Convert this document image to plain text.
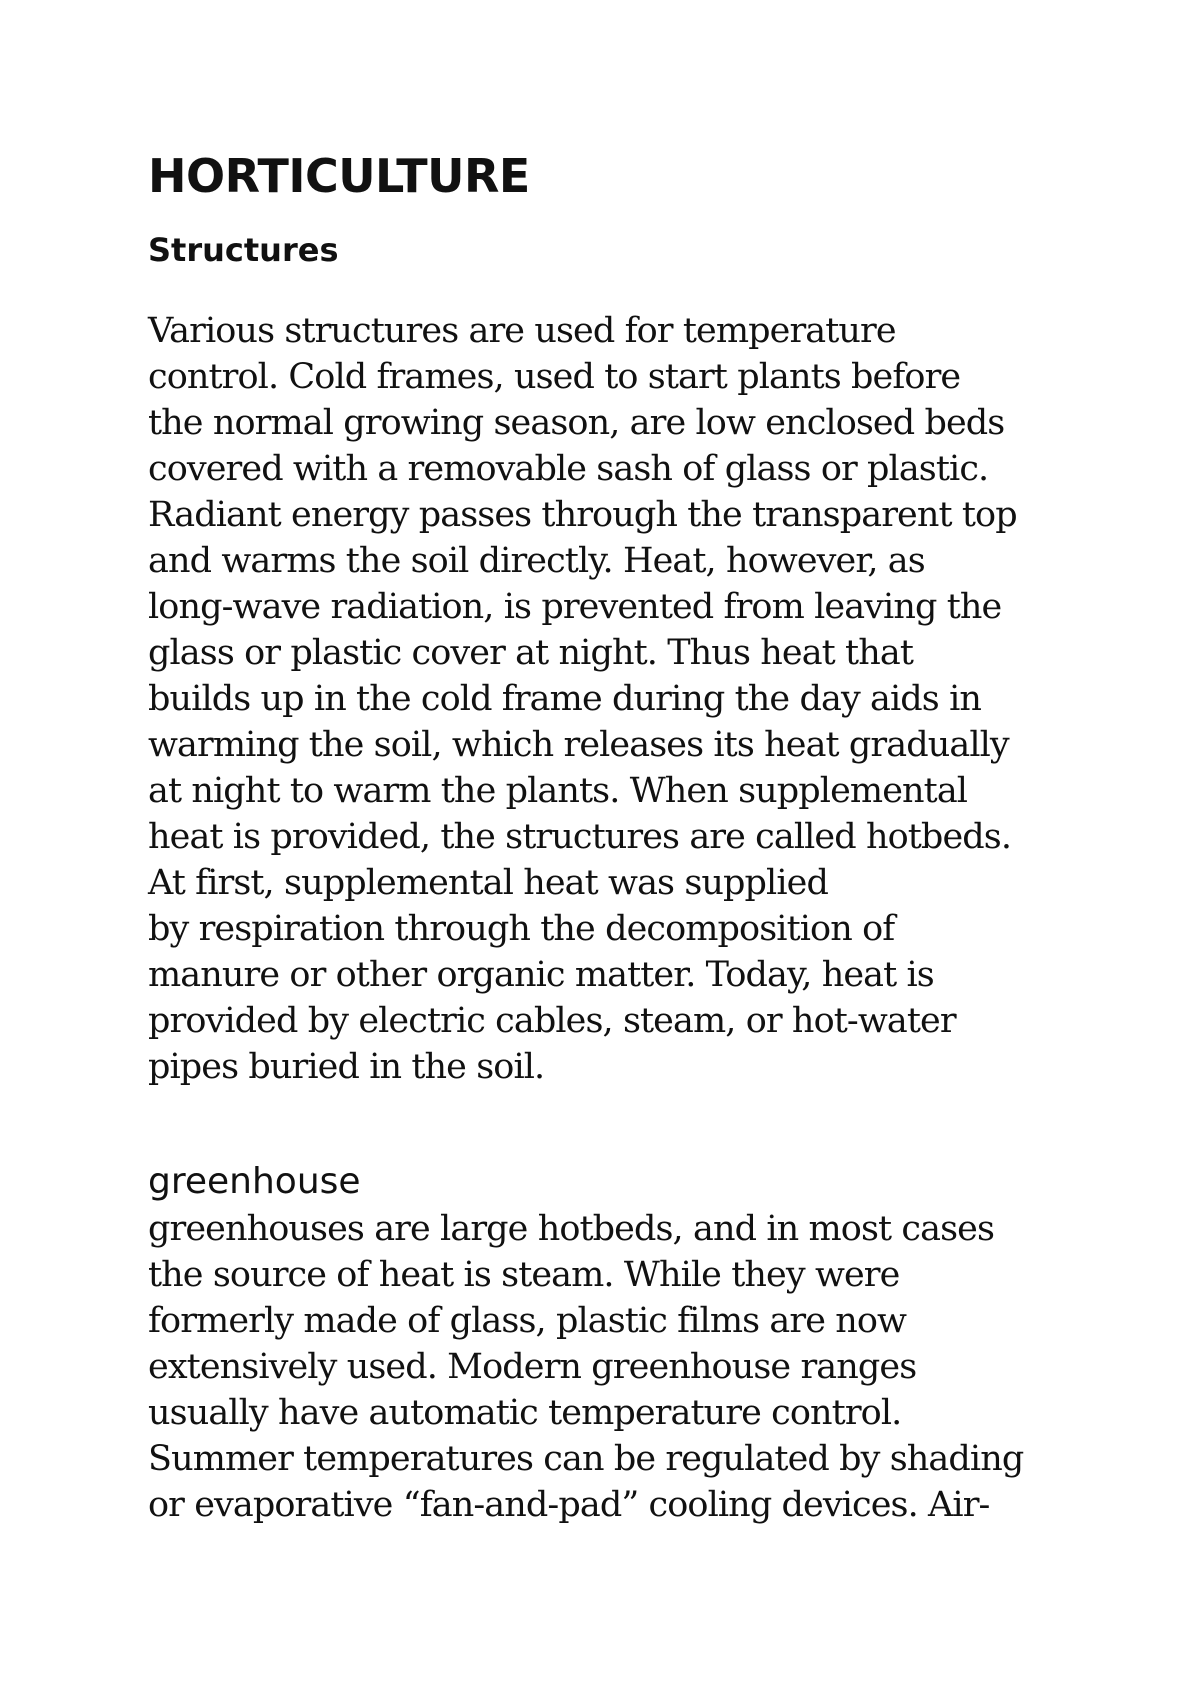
HORTICULTURE
Structures

Various structures are used for temperature
control. Cold frames, used to start plants before
the normal growing season, are low enclosed beds
covered with a removable sash of glass or plastic.
Radiant energy passes through the transparent top
and warms the soil directly. Heat, however, as
long-wave radiation, is prevented from leaving the
glass or plastic cover at night. Thus heat that
builds up in the cold frame during the day aids in
warming the soil, which releases its heat gradually
at night to warm the plants. When supplemental
heat is provided, the structures are called hotbeds.
At first, supplemental heat was supplied
by respiration through the decomposition of
manure or other organic matter. Today, heat is
provided by electric cables, steam, or hot-water
pipes buried in the soil.

greenhouse

greenhouses are large hotbeds, and in most cases
the source of heat is steam. While they were
formerly made of glass, plastic films are now
extensively used. Modern greenhouse ranges
usually have automatic temperature control.
Summer temperatures can be regulated by shading
or evaporative “fan-and-pad” cooling devices. Air-
